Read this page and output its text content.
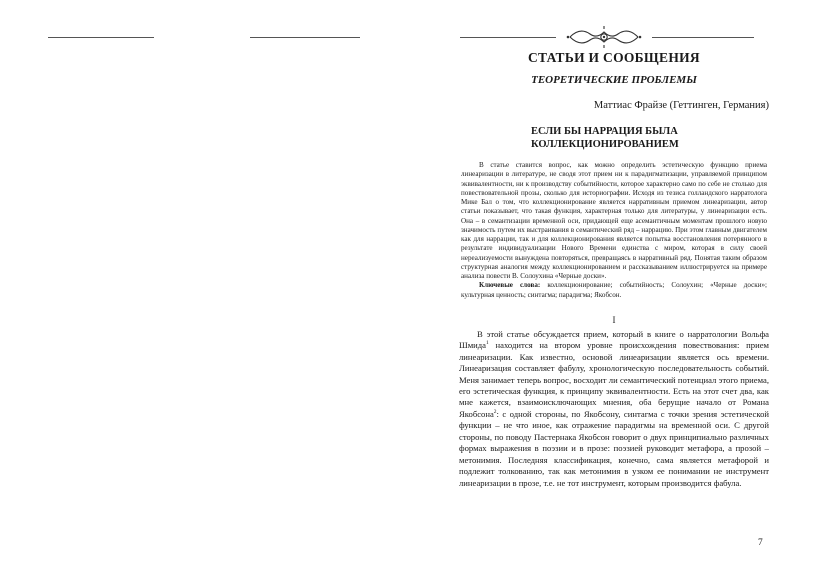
СТАТЬИ И СООБЩЕНИЯ
ТЕОРЕТИЧЕСКИЕ ПРОБЛЕМЫ

Маттиас Фрайзе (Геттинген, Германия)

ЕСЛИ БЫ НАРРАЦИЯ БЫЛА
КОЛЛЕКЦИОНИРОВАНИЕМ

В статье ставится вопрос, как можно определить эстетическую функцию приема линеаризации в литературе, не сводя этот прием ни к парадигматизации, управляемой принципом эквивалентности, ни к производству событийности, которое характерно само по себе не столько для повествовательной прозы, сколько для историографии. Исходя из тезиса голландского нарратолога Мике Бал о том, что коллекционирование является нарративным приемом линеаризации, автор статьи показывает, что такая функция, характерная только для литературы, у линеаризации есть. Она – в семантизации временной оси, придающей еще асемантичным моментам прошлого новую значимость путем их выстраивания в семантический ряд – наррацию. При этом главным двигателем как для наррации, так и для коллекционирования является попытка восстановления потерянного в результате индивидуализации Нового Времени единства с миром, которая в силу своей нереализуемости вынуждена повторяться, превращаясь в нарративный ряд. Понятая таким образом структурная аналогия между коллекционированием и рассказыванием иллюстрируется на примере анализа повести В. Солоухина «Черные доски».

Ключевые слова: коллекционирование; событийность; Солоухин; «Черные доски»; культурная ценность; синтагма; парадигма; Якобсон.

I

В этой статье обсуждается прием, который в книге о нарратологии Вольфа Шмида$^1$ находится на втором уровне происхождения повествования: прием линеаризации. Как известно, основой линеаризации является ось времени. Линеаризация составляет фабулу, хронологическую последовательность событий. Меня занимает теперь вопрос, восходит ли семантический потенциал этого приема, его эстетическая функция, к принципу эквивалентности. Есть на этот счет два, как мне кажется, взаимоисключающих мнения, оба берущие начало от Романа Якобсона$^2$: с одной стороны, по Якобсону, синтагма с точки зрения эстетической функции – не что иное, как отражение парадигмы на временной оси. С другой стороны, по поводу Пастернака Якобсон говорит о двух принципиально различных формах выражения в поэзии и в прозе: поэзией руководит метафора, а прозой – метонимия. Последняя классификация, конечно, сама является метафорой и подлежит толкованию, так как метонимия в узком ее понимании не инструмент линеаризации в прозе, т.е. не тот инструмент, которым производится фабула.

7
